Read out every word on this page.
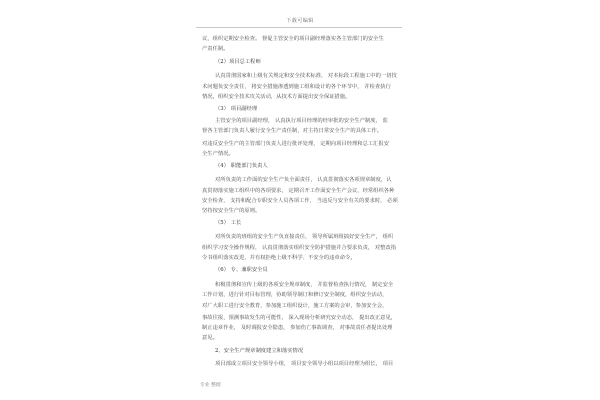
下载可编辑
议，组织定期安全检查。 督促主管安全的项目副经理落实各主管部门的安全生
产责任制。
（2）项目总工程师
认真贯彻国家和上级有关规定和安全技术标准， 对本标段工程施工中的一切技
术问题负安全责任， 将安全措施渗透到施工组和设计的各个环节中， 并检查执行
情况，组织安全技术攻关活动，从技术方面提出安全保证措施。
（3） 项目副经理
主管安全的项目副经理， 认真执行项目经理的经审批的安全生产制度， 监
督各主管部门负责人履行安全生产责任制，对主持日常安全生产的具体工作。
对违反安全生产的主管部门负责人进行批评处理， 定期向项目经理和总工汇报安
全生产情况。
（4） 职能部门负责人
对所负责的工作面的安全生产负全面责任， 认真贯彻落实各项规章制度，认
真贯彻落实施工组织中的各项要求， 定期召开工作面安全生产会议，经常组织各种
安全检查， 支持和配合专职安全人员各项工作， 当违反与安全有关的要求时， 必须
坚持按安全生产的原则。
（5） 工长
对所负责的班组的安全生产负直接责任， 领导所属班组搞好安全生产， 组织
组织学习安全操作规程， 认真贯彻落实组织安全防护措施并合要求负责， 对整改指
令书组织落实改进，并有权拒绝上级不科学、不安全的违章命令。
（6） 专、兼职安全员
积极贯彻和宣传上级的各项安全规章制度， 并监督检查执行情况， 制定安全
工作计划，进行针对目标管理，协助领导制订和修订安全制度，组织安全活动，
对广大职工进行安全教育，参加施工组织设计，施工方案的会审，参加安全会，
事故往报，预测事故发生的可能性， 深入现场分析研究安全动态， 提出改正意见，
制止违章作业， 及时调报安全隐患， 参加伤亡事故调查， 对事故责任者提出处理
意见。
2、安全生产规章制度建立和落实情况
项目部成立项目安全领导小组， 项目安全领导小组以项目经理为组长， 项目
专业 整理
